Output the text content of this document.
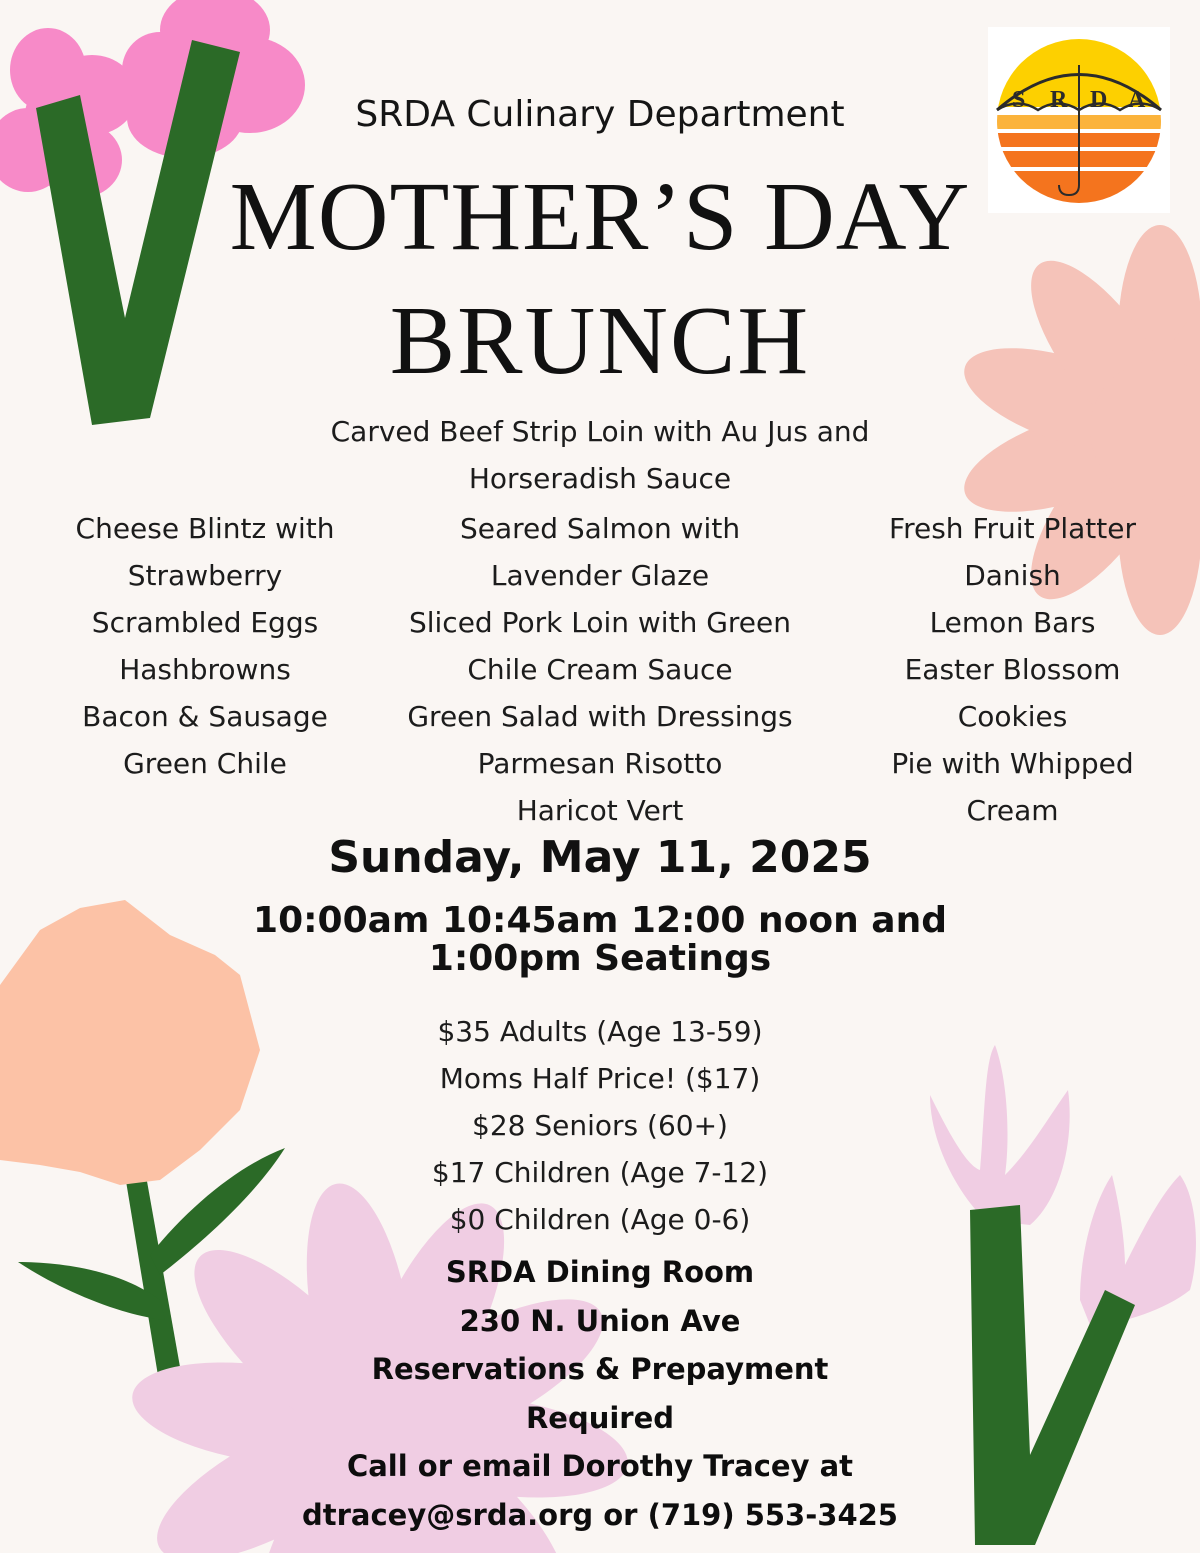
S R D A
SRDA Culinary Department
MOTHER’S DAY
BRUNCH
Carved Beef Strip Loin with Au Jus and
Horseradish Sauce
Cheese Blintz with
Strawberry
Scrambled Eggs
Hashbrowns
Bacon & Sausage
Green Chile
Seared Salmon with
Lavender Glaze
Sliced Pork Loin with Green
Chile Cream Sauce
Green Salad with Dressings
Parmesan Risotto
Haricot Vert
Fresh Fruit Platter
Danish
Lemon Bars
Easter Blossom
Cookies
Pie with Whipped
Cream
Sunday, May 11, 2025
10:00am 10:45am 12:00 noon and
1:00pm Seatings
$35 Adults (Age 13-59)
Moms Half Price! ($17)
$28 Seniors (60+)
$17 Children (Age 7-12)
$0 Children (Age 0-6)
SRDA Dining Room
230 N. Union Ave
Reservations & Prepayment
Required
Call or email Dorothy Tracey at
dtracey@srda.org or (719) 553-3425
